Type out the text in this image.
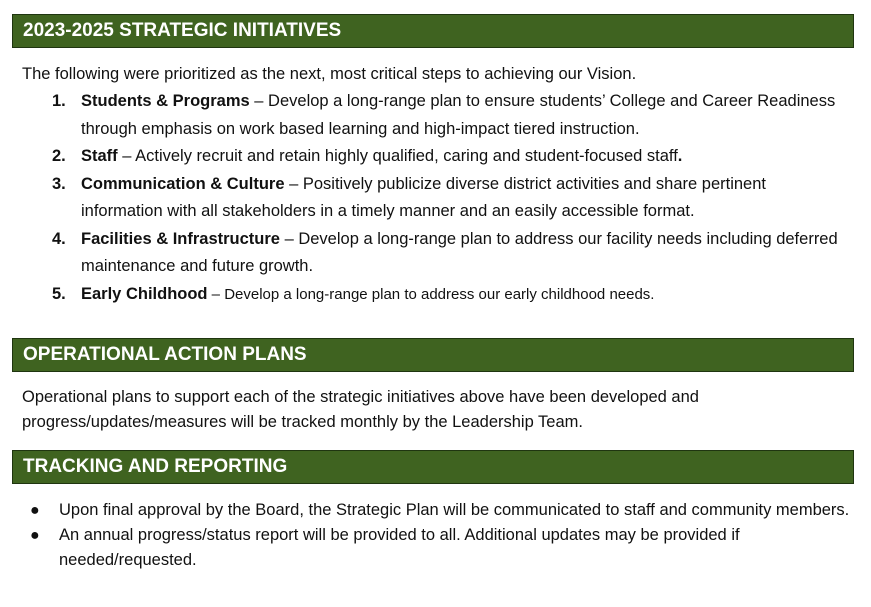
2023-2025 STRATEGIC INITIATIVES
The following were prioritized as the next, most critical steps to achieving our Vision.
1. Students & Programs – Develop a long-range plan to ensure students’ College and Career Readiness through emphasis on work based learning and high-impact tiered instruction.
2. Staff – Actively recruit and retain highly qualified, caring and student-focused staff.
3. Communication & Culture – Positively publicize diverse district activities and share pertinent information with all stakeholders in a timely manner and an easily accessible format.
4. Facilities & Infrastructure – Develop a long-range plan to address our facility needs including deferred maintenance and future growth.
5. Early Childhood – Develop a long-range plan to address our early childhood needs.
OPERATIONAL ACTION PLANS
Operational plans to support each of the strategic initiatives above have been developed and progress/updates/measures will be tracked monthly by the Leadership Team.
TRACKING AND REPORTING
● Upon final approval by the Board, the Strategic Plan will be communicated to staff and community members.
● An annual progress/status report will be provided to all. Additional updates may be provided if needed/requested.
